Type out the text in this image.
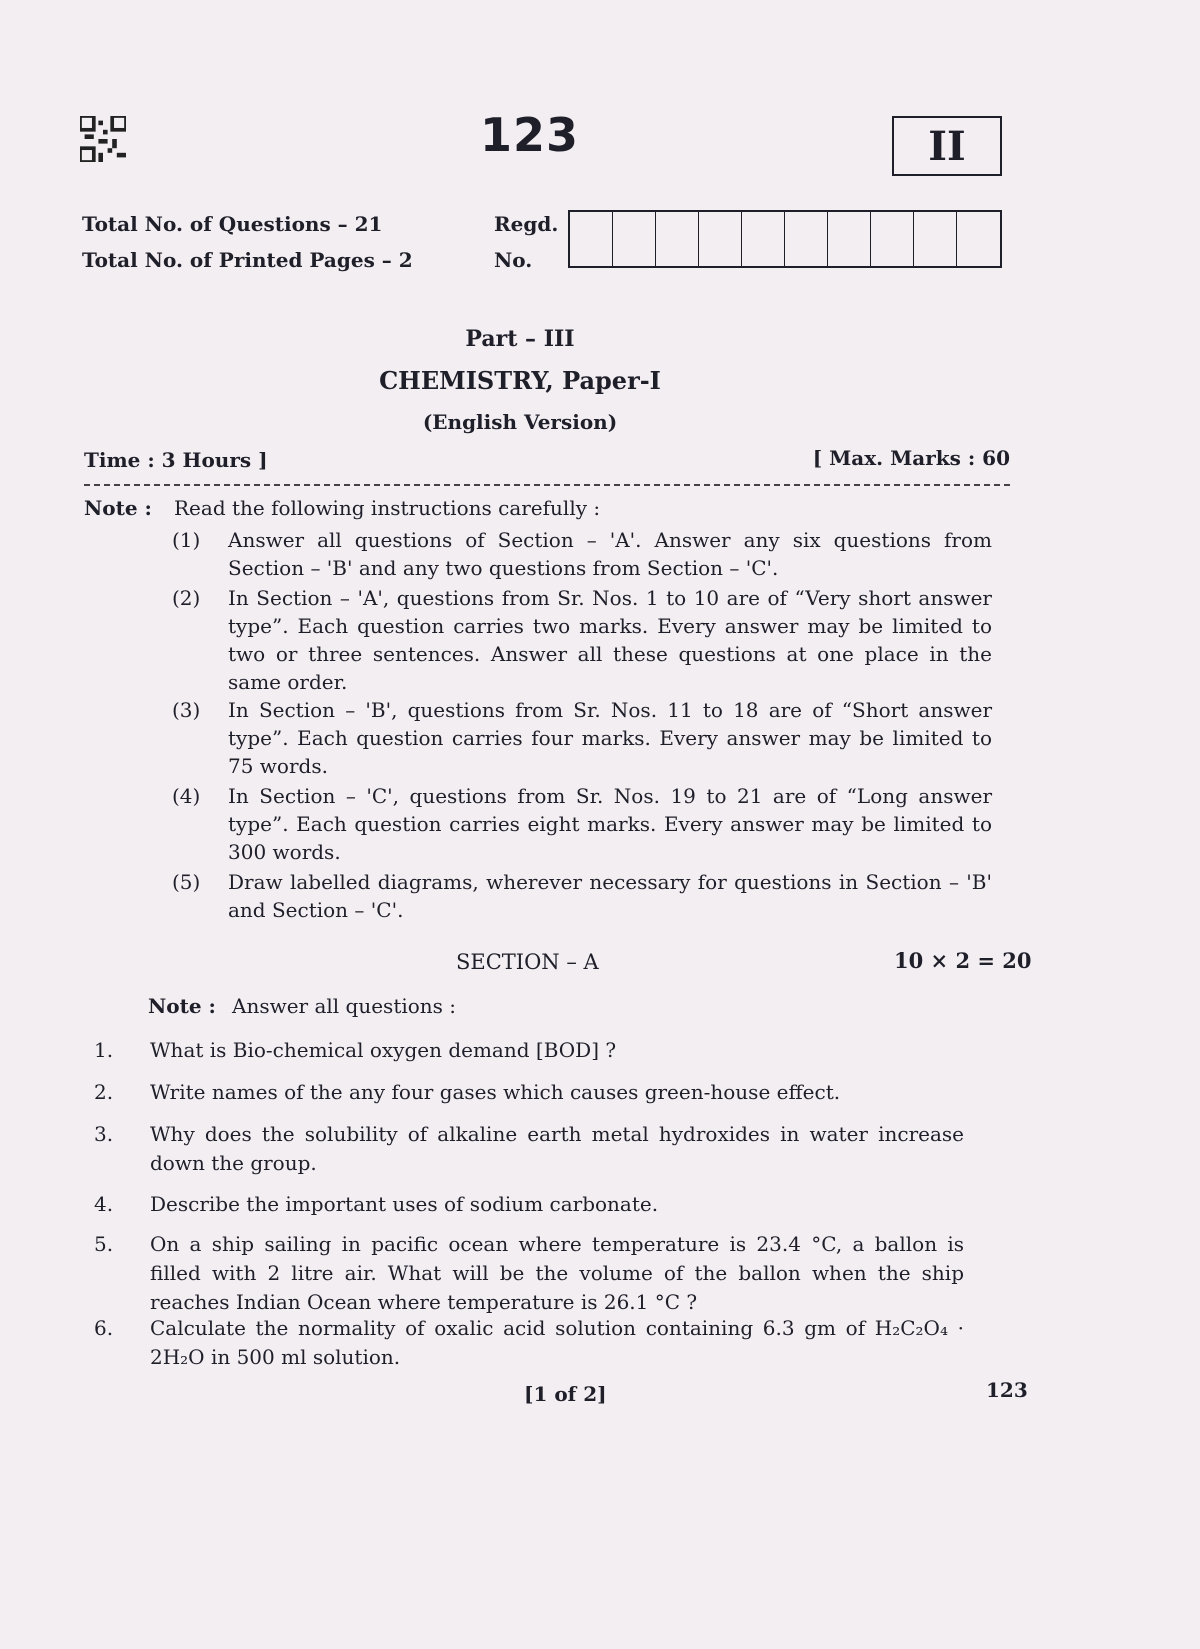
123	II
Total No. of Questions – 21
Total No. of Printed Pages – 2
Regd.
No.
Part – III
CHEMISTRY, Paper-I
(English Version)
Time : 3 Hours ]	[ Max. Marks : 60
Note : Read the following instructions carefully :
(1) Answer all questions of Section – 'A'. Answer any six questions from Section – 'B' and any two questions from Section – 'C'.
(2) In Section – 'A', questions from Sr. Nos. 1 to 10 are of “Very short answer type”. Each question carries two marks. Every answer may be limited to two or three sentences. Answer all these questions at one place in the same order.
(3) In Section – 'B', questions from Sr. Nos. 11 to 18 are of “Short answer type”. Each question carries four marks. Every answer may be limited to 75 words.
(4) In Section – 'C', questions from Sr. Nos. 19 to 21 are of “Long answer type”. Each question carries eight marks. Every answer may be limited to 300 words.
(5) Draw labelled diagrams, wherever necessary for questions in Section – 'B' and Section – 'C'.
SECTION – A	10 × 2 = 20
Note : Answer all questions :
1. What is Bio-chemical oxygen demand [BOD] ?
2. Write names of the any four gases which causes green-house effect.
3. Why does the solubility of alkaline earth metal hydroxides in water increase down the group.
4. Describe the important uses of sodium carbonate.
5. On a ship sailing in pacific ocean where temperature is 23.4 °C, a ballon is filled with 2 litre air. What will be the volume of the ballon when the ship reaches Indian Ocean where temperature is 26.1 °C ?
6. Calculate the normality of oxalic acid solution containing 6.3 gm of H₂C₂O₄ · 2H₂O in 500 ml solution.
[1 of 2]	123
